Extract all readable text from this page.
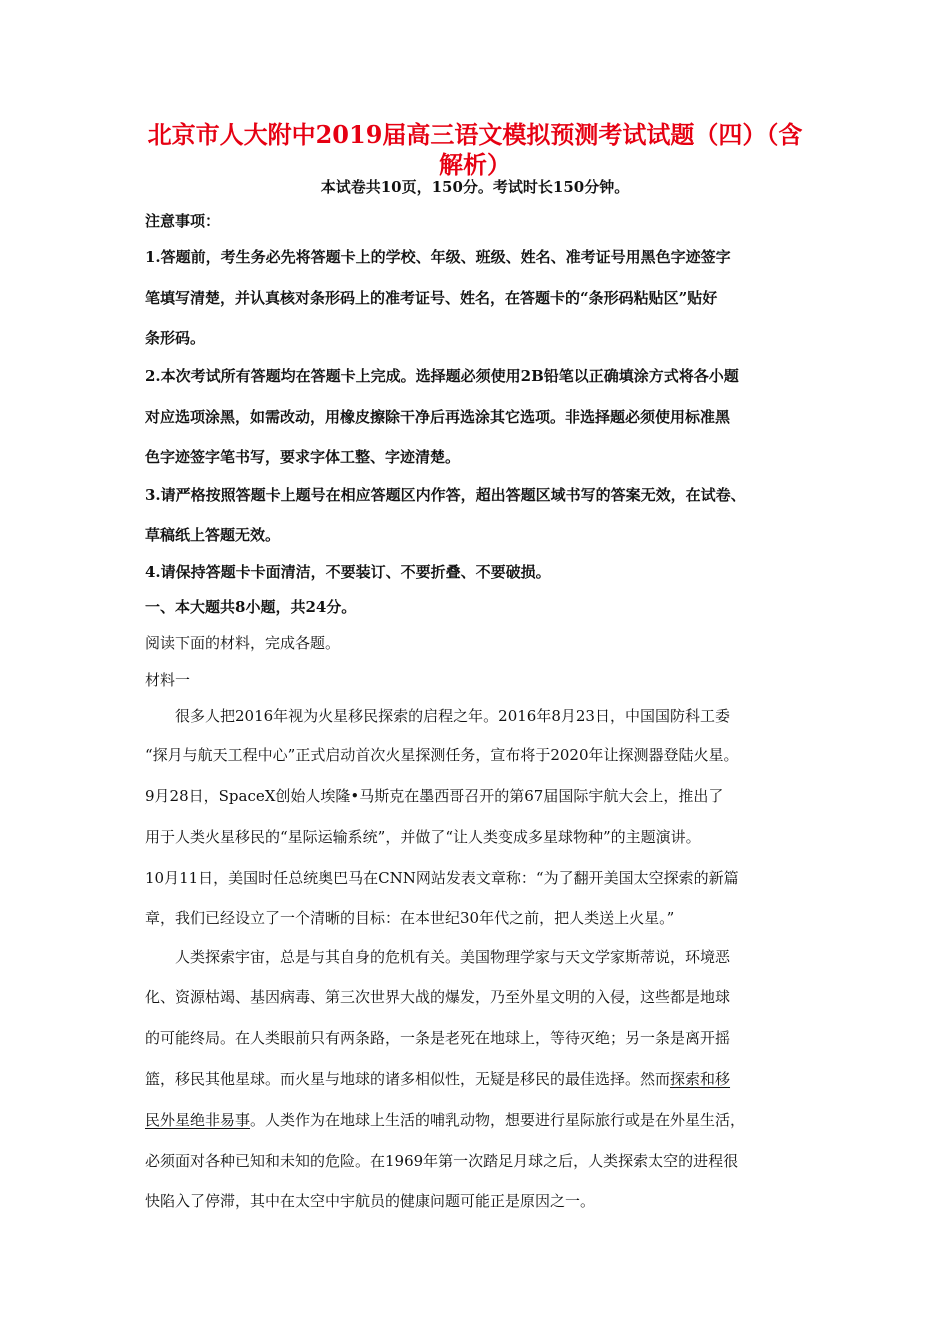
北京市人大附中2019届高三语文模拟预测考试试题（四）（含解析）
本试卷共10页，150分。考试时长150分钟。
注意事项：
1.答题前，考生务必先将答题卡上的学校、年级、班级、姓名、准考证号用黑色字迹签字
笔填写清楚，并认真核对条形码上的准考证号、姓名，在答题卡的“条形码粘贴区”贴好
条形码。
2.本次考试所有答题均在答题卡上完成。选择题必须使用2B铅笔以正确填涂方式将各小题
对应选项涂黑，如需改动，用橡皮擦除干净后再选涂其它选项。非选择题必须使用标准黑
色字迹签字笔书写，要求字体工整、字迹清楚。
3.请严格按照答题卡上题号在相应答题区内作答，超出答题区域书写的答案无效，在试卷、
草稿纸上答题无效。
4.请保持答题卡卡面清洁，不要装订、不要折叠、不要破损。
一、本大题共8小题，共24分。
阅读下面的材料，完成各题。
材料一
　　很多人把2016年视为火星移民探索的启程之年。2016年8月23日，中国国防科工委
“探月与航天工程中心”正式启动首次火星探测任务，宣布将于2020年让探测器登陆火星。
9月28日，SpaceX创始人埃隆•马斯克在墨西哥召开的第67届国际宇航大会上，推出了
用于人类火星移民的“星际运输系统”，并做了“让人类变成多星球物种”的主题演讲。
10月11日，美国时任总统奥巴马在CNN网站发表文章称：“为了翻开美国太空探索的新篇
章，我们已经设立了一个清晰的目标：在本世纪30年代之前，把人类送上火星。”
　　人类探索宇宙，总是与其自身的危机有关。美国物理学家与天文学家斯蒂说，环境恶
化、资源枯竭、基因病毒、第三次世界大战的爆发，乃至外星文明的入侵，这些都是地球
的可能终局。在人类眼前只有两条路，一条是老死在地球上，等待灭绝；另一条是离开摇
篮，移民其他星球。而火星与地球的诸多相似性，无疑是移民的最佳选择。然而探索和移
民外星绝非易事。人类作为在地球上生活的哺乳动物，想要进行星际旅行或是在外星生活，
必须面对各种已知和未知的危险。在1969年第一次踏足月球之后，人类探索太空的进程很
快陷入了停滞，其中在太空中宇航员的健康问题可能正是原因之一。
